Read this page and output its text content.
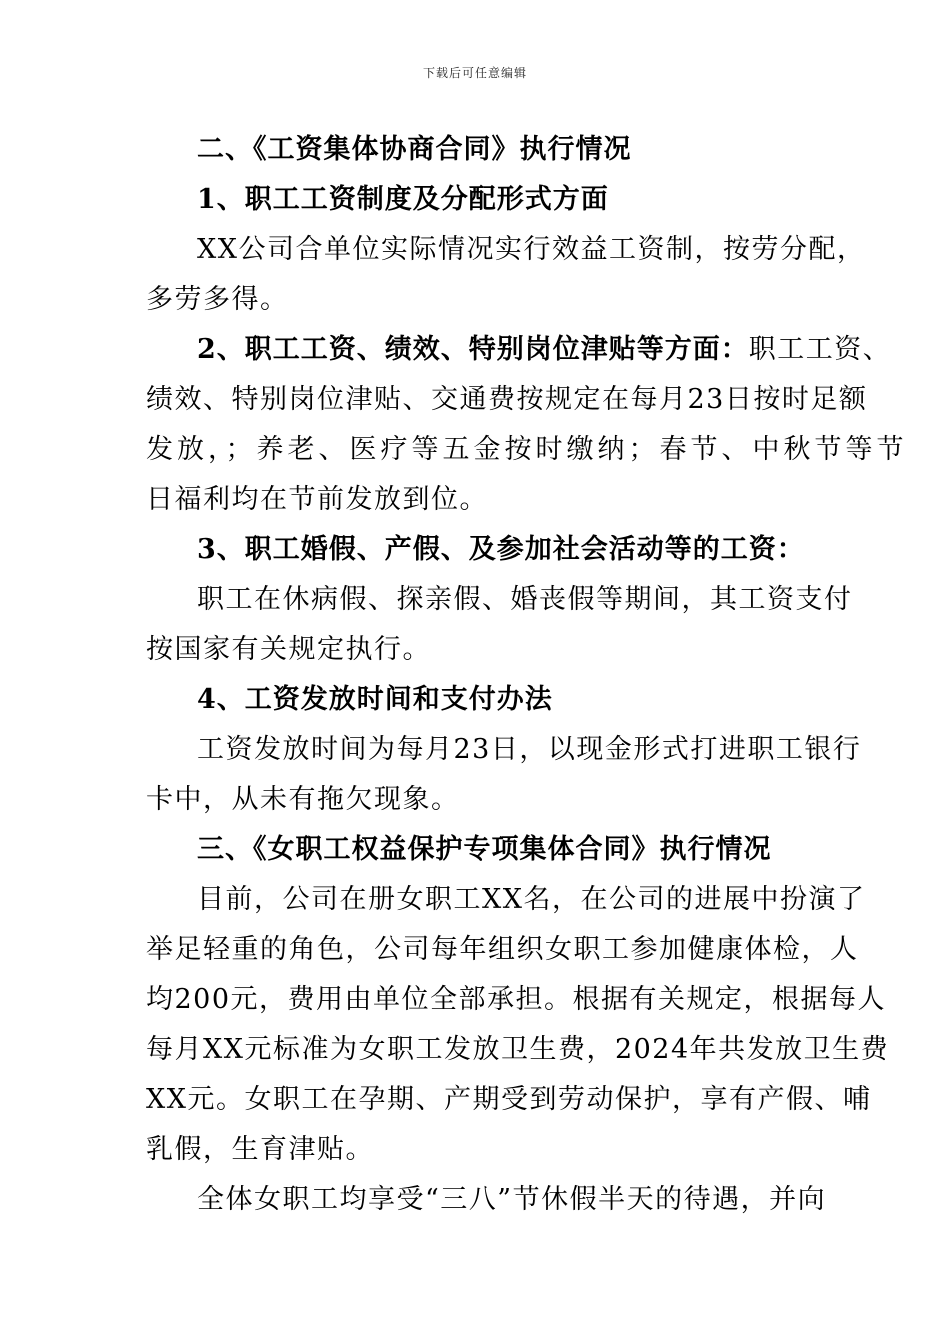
下载后可任意编辑
二、《工资集体协商合同》执行情况
1、职工工资制度及分配形式方面
XX公司合单位实际情况实行效益工资制，按劳分配，
多劳多得。
2、职工工资、绩效、特别岗位津贴等方面：职工工资、
绩效、特别岗位津贴、交通费按规定在每月23日按时足额
发放，；养老、医疗等五金按时缴纳；春节、中秋节等节
日福利均在节前发放到位。
3、职工婚假、产假、及参加社会活动等的工资：
职工在休病假、探亲假、婚丧假等期间，其工资支付
按国家有关规定执行。
4、工资发放时间和支付办法
工资发放时间为每月23日，以现金形式打进职工银行
卡中，从未有拖欠现象。
三、《女职工权益保护专项集体合同》执行情况
目前，公司在册女职工XX名，在公司的进展中扮演了
举足轻重的角色，公司每年组织女职工参加健康体检，人
均200元，费用由单位全部承担。根据有关规定，根据每人
每月XX元标准为女职工发放卫生费，2024年共发放卫生费
XX元。女职工在孕期、产期受到劳动保护，享有产假、哺
乳假，生育津贴。
全体女职工均享受“三八”节休假半天的待遇，并向
